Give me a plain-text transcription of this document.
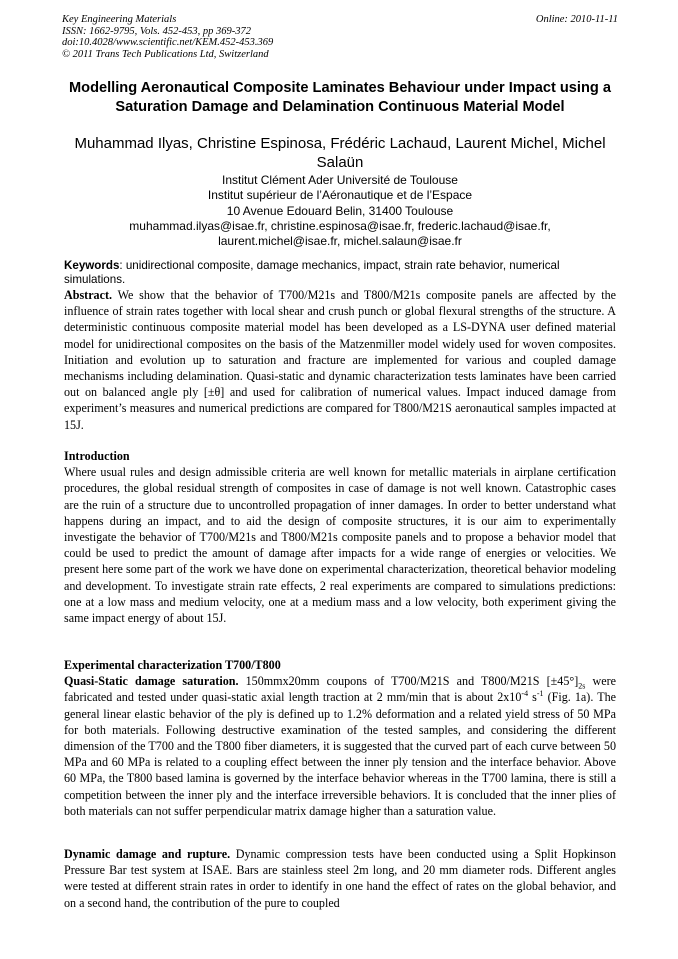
Key Engineering Materials
ISSN: 1662-9795, Vols. 452-453, pp 369-372
doi:10.4028/www.scientific.net/KEM.452-453.369
© 2011 Trans Tech Publications Ltd, Switzerland
Online: 2010-11-11
Modelling Aeronautical Composite Laminates Behaviour under Impact using a Saturation Damage and Delamination Continuous Material Model
Muhammad Ilyas, Christine Espinosa, Frédéric Lachaud, Laurent Michel, Michel Salaün
Institut Clément Ader Université de Toulouse
Institut supérieur de l’Aéronautique et de l’Espace
10 Avenue Edouard Belin, 31400 Toulouse
muhammad.ilyas@isae.fr, christine.espinosa@isae.fr, frederic.lachaud@isae.fr,
laurent.michel@isae.fr, michel.salaun@isae.fr
Keywords: unidirectional composite, damage mechanics, impact, strain rate behavior, numerical simulations.

Abstract. We show that the behavior of T700/M21s and T800/M21s composite panels are affected by the influence of strain rates together with local shear and crush punch or global flexural strengths of the structure. A deterministic continuous composite material model has been developed as a LS-DYNA user defined material model for unidirectional composites on the basis of the Matzenmiller model widely used for woven composites. Initiation and evolution up to saturation and fracture are implemented for various and coupled damage mechanisms including delamination. Quasi-static and dynamic characterization tests laminates have been carried out on balanced angle ply [±θ] and used for calibration of numerical values. Impact induced damage from experiment’s measures and numerical predictions are compared for T800/M21S aeronautical samples impacted at 15J.

Introduction

Where usual rules and design admissible criteria are well known for metallic materials in airplane certification procedures, the global residual strength of composites in case of damage is not well known. Catastrophic cases are the ruin of a structure due to uncontrolled propagation of inner damages. In order to better understand what happens during an impact, and to aid the design of composite structures, it is our aim to experimentally investigate the behavior of T700/M21s and T800/M21s composite panels and to propose a behavior model that could be used to predict the amount of damage after impacts for a wide range of energies or velocities. We present here some part of the work we have done on experimental characterization, theoretical behavior modeling and development. To investigate strain rate effects, 2 real experiments are compared to simulations predictions: one at a low mass and medium velocity, one at a medium mass and a low velocity, both experiment giving the same impact energy of about 15J.

Experimental characterization T700/T800

Quasi-Static damage saturation. 150mmx20mm coupons of T700/M21S and T800/M21S $[\pm 45^\circ]_{2s}$ were fabricated and tested under quasi-static axial length traction at 2 mm/min that is about $2x10^{-4}$ $s^{-1}$ (Fig. 1a). The general linear elastic behavior of the ply is defined up to 1.2% deformation and a related yield stress of 50 MPa for both materials. Following destructive examination of the tested samples, and considering the different dimension of the T700 and the T800 fiber diameters, it is suggested that the curved part of each curve between 50 MPa and 60 MPa is related to a coupling effect between the inner ply tension and the interface behavior. Above 60 MPa, the T800 based lamina is governed by the interface behavior whereas in the T700 lamina, there is still a competition between the inner ply and the interface irreversible behaviors. It is concluded that the inner plies of both materials can not suffer perpendicular matrix damage higher than a saturation value.

Dynamic damage and rupture. Dynamic compression tests have been conducted using a Split Hopkinson Pressure Bar test system at ISAE. Bars are stainless steel 2m long, and 20 mm diameter rods. Different angles were tested at different strain rates in order to identify in one hand the effect of rates on the global behavior, and on a second hand, the contribution of the pure to coupled
